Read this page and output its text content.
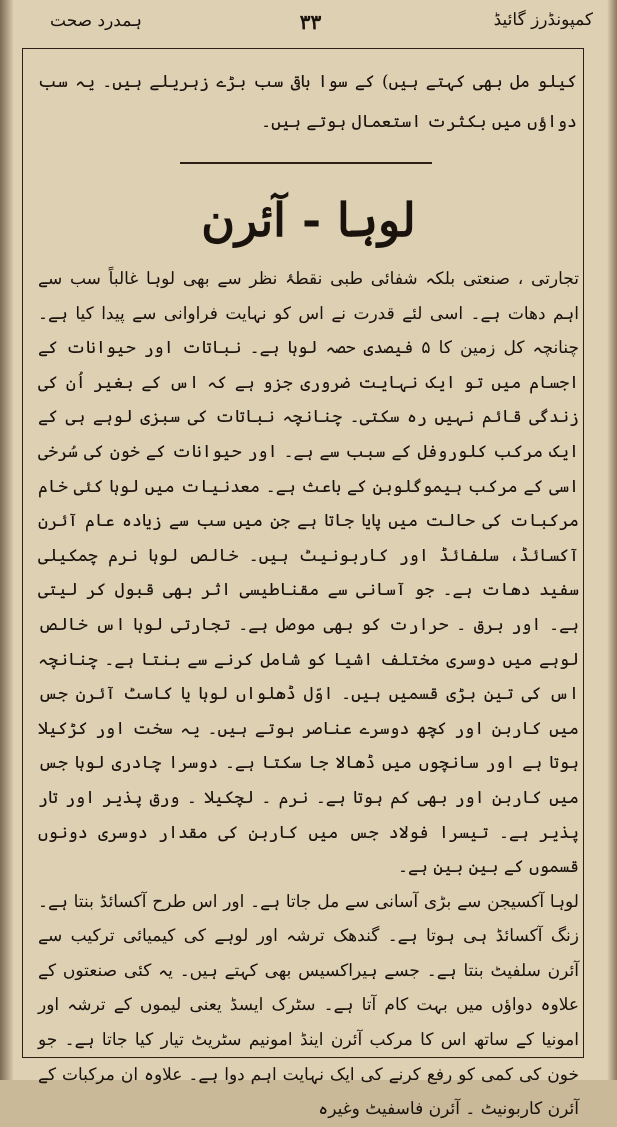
ہمدرد صحت	۳۳	کمپونڈرز گائیڈ
کیلو مل بھی کہتے ہیں) کے سوا باقی سب بڑے زہریلے ہیں۔ یہ سب دواؤں میں بکثرت استعمال ہوتے ہیں۔
لوہا - آئرن

تجارتی ، صنعتی بلکہ شفائی طبی نقطۂ نظر سے بھی لوہا غالباً سب سے اہم دھات ہے۔ اسی لئے قدرت نے اس کو نہایت فراوانی سے پیدا کیا ہے۔ چنانچہ کل زمین کا ۵ فیصدی حصہ لوہا ہے۔ نباتات اور حیوانات کے اجسام میں تو ایک نہایت ضروری جزو ہے کہ اس کے بغیر اُن کی زندگی قائم نہیں رہ سکتی۔ چنانچہ نباتات کی سبزی لوہے ہی کے ایک مرکب کلوروفل کے سبب سے ہے۔ اور حیوانات کے خون کی سُرخی اسی کے مرکب ہیموگلوبن کے باعث ہے۔ معدنیات میں لوہا کئی خام مرکبات کی حالت میں پایا جاتا ہے جن میں سب سے زیادہ عام آئرن آکسائڈ، سلفائڈ اور کاربونیٹ ہیں۔ خالص لوہا نرم چمکیلی سفید دھات ہے۔ جو آسانی سے مقناطیسی اثر بھی قبول کر لیتی ہے۔ اور برق ۔ حرارت کو بھی موصل ہے۔ تجارتی لوہا اس خالص لوہے میں دوسری مختلف اشیا کو شامل کرنے سے بنتا ہے۔ چنانچہ اس کی تین بڑی قسمیں ہیں۔ اوّل ڈھلواں لوہا یا کاسٹ آئرن جس میں کاربن اور کچھ دوسرے عناصر ہوتے ہیں۔ یہ سخت اور کڑکیلا ہوتا ہے اور سانچوں میں ڈھالا جا سکتا ہے۔ دوسرا چادری لوہا جس میں کاربن اور بھی کم ہوتا ہے۔ نرم ۔ لچکیلا ۔ ورق پذیر اور تار پذیر ہے۔ تیسرا فولاد جس میں کاربن کی مقدار دوسری دونوں قسموں کے بین بین ہے۔

لوہا آکسیجن سے بڑی آسانی سے مل جاتا ہے۔ اور اس طرح آکسائڈ بنتا ہے۔ زنگ آکسائڈ ہی ہوتا ہے۔ گندھک ترشہ اور لوہے کی کیمیائی ترکیب سے آئرن سلفیٹ بنتا ہے۔ جسے ہیراکسیس بھی کہتے ہیں۔ یہ کئی صنعتوں کے علاوہ دواؤں میں بہت کام آتا ہے۔ سٹرک ایسڈ یعنی لیموں کے ترشہ اور امونیا کے ساتھ اس کا مرکب آئرن اینڈ امونیم سٹریٹ تیار کیا جاتا ہے۔ جو خون کی کمی کو رفع کرنے کی ایک نہایت اہم دوا ہے۔ علاوہ ان مرکبات کے آئرن کاربونیٹ ۔ آئرن فاسفیٹ وغیرہ
